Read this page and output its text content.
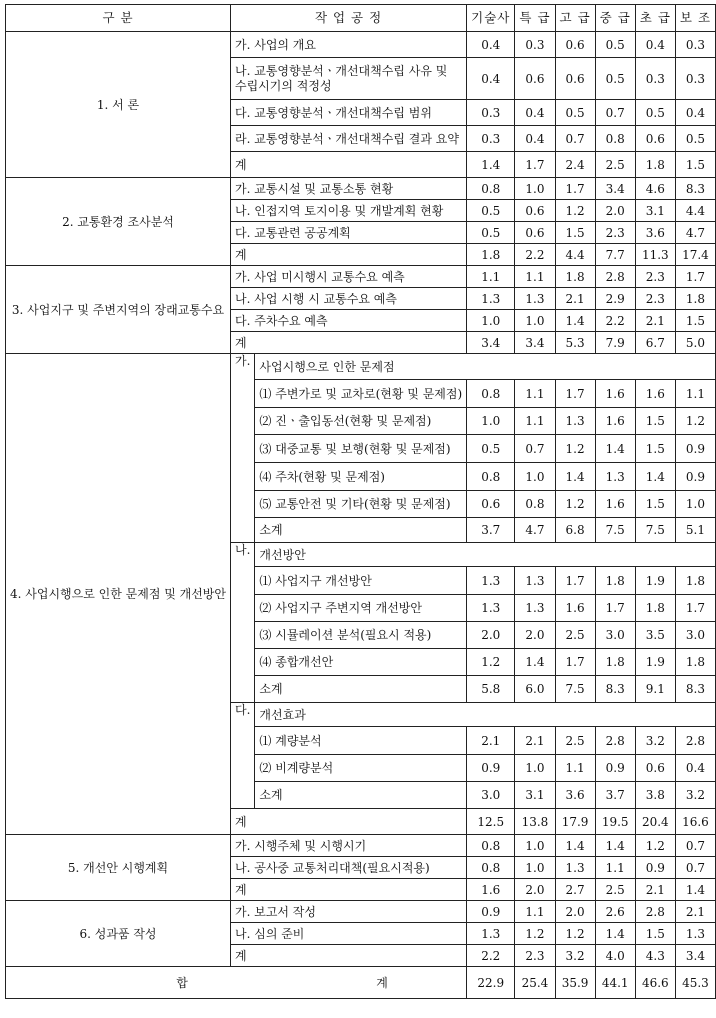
구 분	작 업 공 정		기술사	특 급	고 급	중 급	초 급	보 조
1. 서 론	가. 사업의 개요		0.4	0.3	0.6	0.5	0.4	0.3
	나. 교통영향분석ㆍ개선대책수립 사유 및 수립시기의 적정성		0.4	0.6	0.6	0.5	0.3	0.3
	다. 교통영향분석ㆍ개선대책수립 범위		0.3	0.4	0.5	0.7	0.5	0.4
	라. 교통영향분석ㆍ개선대책수립 결과 요약		0.3	0.4	0.7	0.8	0.6	0.5
	계		1.4	1.7	2.4	2.5	1.8	1.5
2. 교통환경 조사분석	가. 교통시설 및 교통소통 현황		0.8	1.0	1.7	3.4	4.6	8.3
	나. 인접지역 토지이용 및 개발계획 현황		0.5	0.6	1.2	2.0	3.1	4.4
	다. 교통관련 공공계획		0.5	0.6	1.5	2.3	3.6	4.7
	계		1.8	2.2	4.4	7.7	11.3	17.4
3. 사업지구 및 주변지역의 장래교통수요	가. 사업 미시행시 교통수요 예측		1.1	1.1	1.8	2.8	2.3	1.7
	나. 사업 시행 시 교통수요 예측		1.3	1.3	2.1	2.9	2.3	1.8
	다. 주차수요 예측		1.0	1.0	1.4	2.2	2.1	1.5
	계		3.4	3.4	5.3	7.9	6.7	5.0
4. 사업시행으로 인한 문제점 및 개선방안	가.	사업시행으로 인한 문제점						
		⑴ 주변가로 및 교차로(현황 및 문제점)	0.8	1.1	1.7	1.6	1.6	1.1
		⑵ 진ㆍ출입동선(현황 및 문제점)	1.0	1.1	1.3	1.6	1.5	1.2
		⑶ 대중교통 및 보행(현황 및 문제점)	0.5	0.7	1.2	1.4	1.5	0.9
		⑷ 주차(현황 및 문제점)	0.8	1.0	1.4	1.3	1.4	0.9
		⑸ 교통안전 및 기타(현황 및 문제점)	0.6	0.8	1.2	1.6	1.5	1.0
		소계	3.7	4.7	6.8	7.5	7.5	5.1
	나.	개선방안						
		⑴ 사업지구 개선방안	1.3	1.3	1.7	1.8	1.9	1.8
		⑵ 사업지구 주변지역 개선방안	1.3	1.3	1.6	1.7	1.8	1.7
		⑶ 시뮬레이션 분석(필요시 적용)	2.0	2.0	2.5	3.0	3.5	3.0
		⑷ 종합개선안	1.2	1.4	1.7	1.8	1.9	1.8
		소계	5.8	6.0	7.5	8.3	9.1	8.3
	다.	개선효과						
		⑴ 계량분석	2.1	2.1	2.5	2.8	3.2	2.8
		⑵ 비계량분석	0.9	1.0	1.1	0.9	0.6	0.4
		소계	3.0	3.1	3.6	3.7	3.8	3.2
	계		12.5	13.8	17.9	19.5	20.4	16.6
5. 개선안 시행계획	가. 시행주체 및 시행시기		0.8	1.0	1.4	1.4	1.2	0.7
	나. 공사중 교통처리대책(필요시적용)		0.8	1.0	1.3	1.1	0.9	0.7
	계		1.6	2.0	2.7	2.5	2.1	1.4
6. 성과품 작성	가. 보고서 작성		0.9	1.1	2.0	2.6	2.8	2.1
	나. 심의 준비		1.3	1.2	1.2	1.4	1.5	1.3
	계		2.2	2.3	3.2	4.0	4.3	3.4
합 계			22.9	25.4	35.9	44.1	46.6	45.3
